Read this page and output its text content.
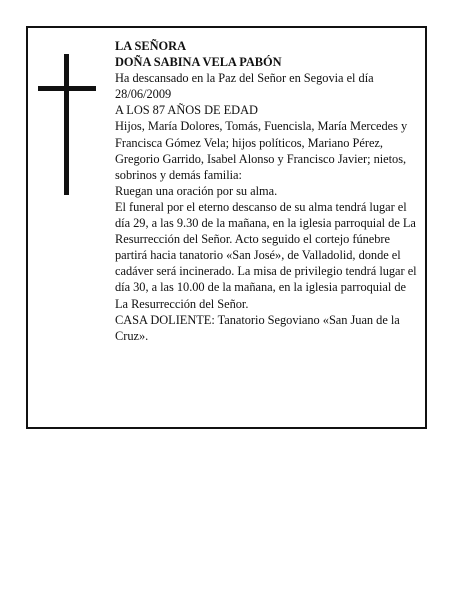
LA SEÑORA

DOÑA SABINA VELA PABÓN

Ha descansado en la Paz del Señor en Segovia el día 28/06/2009

A LOS 87 AÑOS DE EDAD

Hijos, María Dolores, Tomás, Fuencisla, María Mercedes y Francisca Gómez Vela; hijos políticos, Mariano Pérez, Gregorio Garrido, Isabel Alonso y Francisco Javier; nietos, sobrinos y demás familia:

Ruegan una oración por su alma.

El funeral por el eterno descanso de su alma tendrá lugar el día 29, a las 9.30 de la mañana, en la iglesia parroquial de La Resurrección del Señor. Acto seguido el cortejo fúnebre partirá hacia tanatorio «San José», de Valladolid, donde el cadáver será incinerado. La misa de privilegio tendrá lugar el día 30, a las 10.00 de la mañana, en la iglesia parroquial de La Resurrección del Señor.

CASA DOLIENTE: Tanatorio Segoviano «San Juan de la Cruz».
